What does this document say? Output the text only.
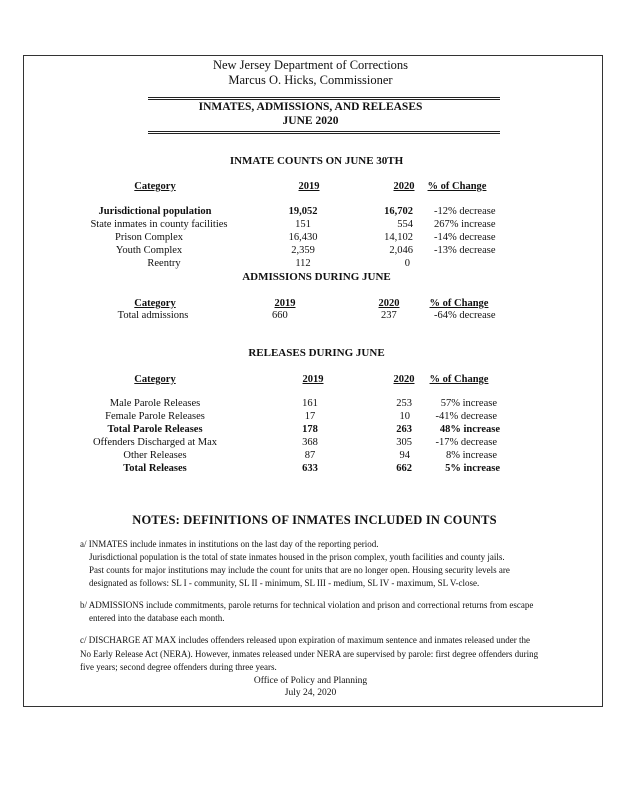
New Jersey Department of Corrections
Marcus O. Hicks, Commissioner
INMATES, ADMISSIONS, AND RELEASES
JUNE 2020
INMATE COUNTS ON JUNE 30TH
Category	2019	2020 % of Change
Jurisdictional population	19,052	16,702 -12% decrease
State inmates in county facilities	151	554 267% increase
Prison Complex	16,430	14,102 -14% decrease
Youth Complex	2,359	2,046 -13% decrease
Reentry	112	0
ADMISSIONS DURING JUNE
Category	2019	2020	% of Change
Total admissions	660	237	-64% decrease
RELEASES DURING JUNE
Category	2019	2020 % of Change
Male Parole Releases	161	253	57% increase
Female Parole Releases	17	10 -41% decrease
Total Parole Releases	178	263	48% increase
Offenders Discharged at Max	368	305 -17% decrease
Other Releases	87	94	8% increase
Total Releases	633	662	5% increase
NOTES: DEFINITIONS OF INMATES INCLUDED IN COUNTS
a/ INMATES include inmates in institutions on the last day of the reporting period.
Jurisdictional population is the total of state inmates housed in the prison complex, youth facilities and county jails.
Past counts for major institutions may include the count for units that are no longer open. Housing security levels are
designated as follows: SL I - community, SL II - minimum, SL III - medium, SL IV - maximum, SL V-close.
b/ ADMISSIONS include commitments, parole returns for technical violation and prison and correctional returns from escape
entered into the database each month.
c/ DISCHARGE AT MAX includes offenders released upon expiration of maximum sentence and inmates released under the
No Early Release Act (NERA). However, inmates released under NERA are supervised by parole: first degree offenders during
five years; second degree offenders during three years.
Office of Policy and Planning
July 24, 2020
